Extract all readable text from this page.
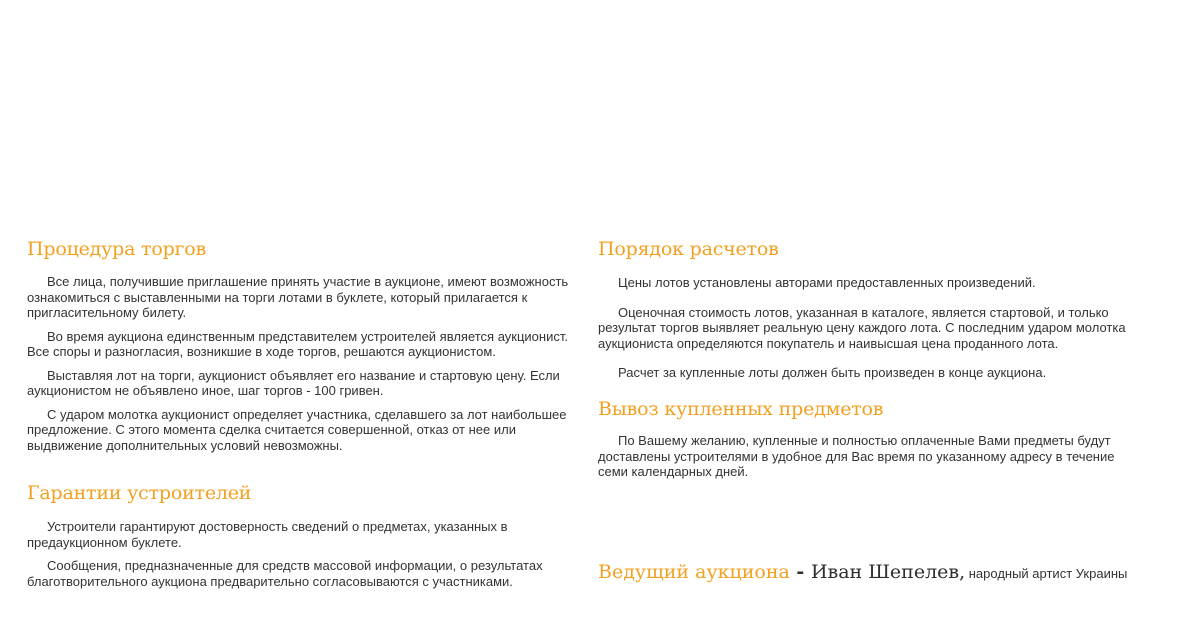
Процедура торгов

Все лица, получившие приглашение принять участие в аукционе, имеют возможность ознакомиться с выставленными на торги лотами в буклете, который прилагается к пригласительному билету.

Во время аукциона единственным представителем устроителей является аукционист. Все споры и разногласия, возникшие в ходе торгов, решаются аукционистом.

Выставляя лот на торги, аукционист объявляет его название и стартовую цену. Если аукционистом не объявлено иное, шаг торгов - 100 гривен.

С ударом молотка аукционист определяет участника, сделавшего за лот наибольшее предложение. С этого момента сделка считается совершенной, отказ от нее или выдвижение дополнительных условий невозможны.

Гарантии устроителей

Устроители гарантируют достоверность сведений о предметах, указанных в предаукционном буклете.

Сообщения, предназначенные для средств массовой информации, о результатах благотворительного аукциона предварительно согласовываются с участниками.

Порядок расчетов

Цены лотов установлены авторами предоставленных произведений.

Оценочная стоимость лотов, указанная в каталоге, является стартовой, и только результат торгов выявляет реальную цену каждого лота. С последним ударом молотка аукциониста определяются покупатель и наивысшая цена проданного лота.

Расчет за купленные лоты должен быть произведен в конце аукциона.

Вывоз купленных предметов

По Вашему желанию, купленные и полностью оплаченные Вами предметы будут доставлены устроителями в удобное для Вас время по указанному адресу в течение семи календарных дней.

Ведущий аукциона - Иван Шепелев, народный артист Украины
